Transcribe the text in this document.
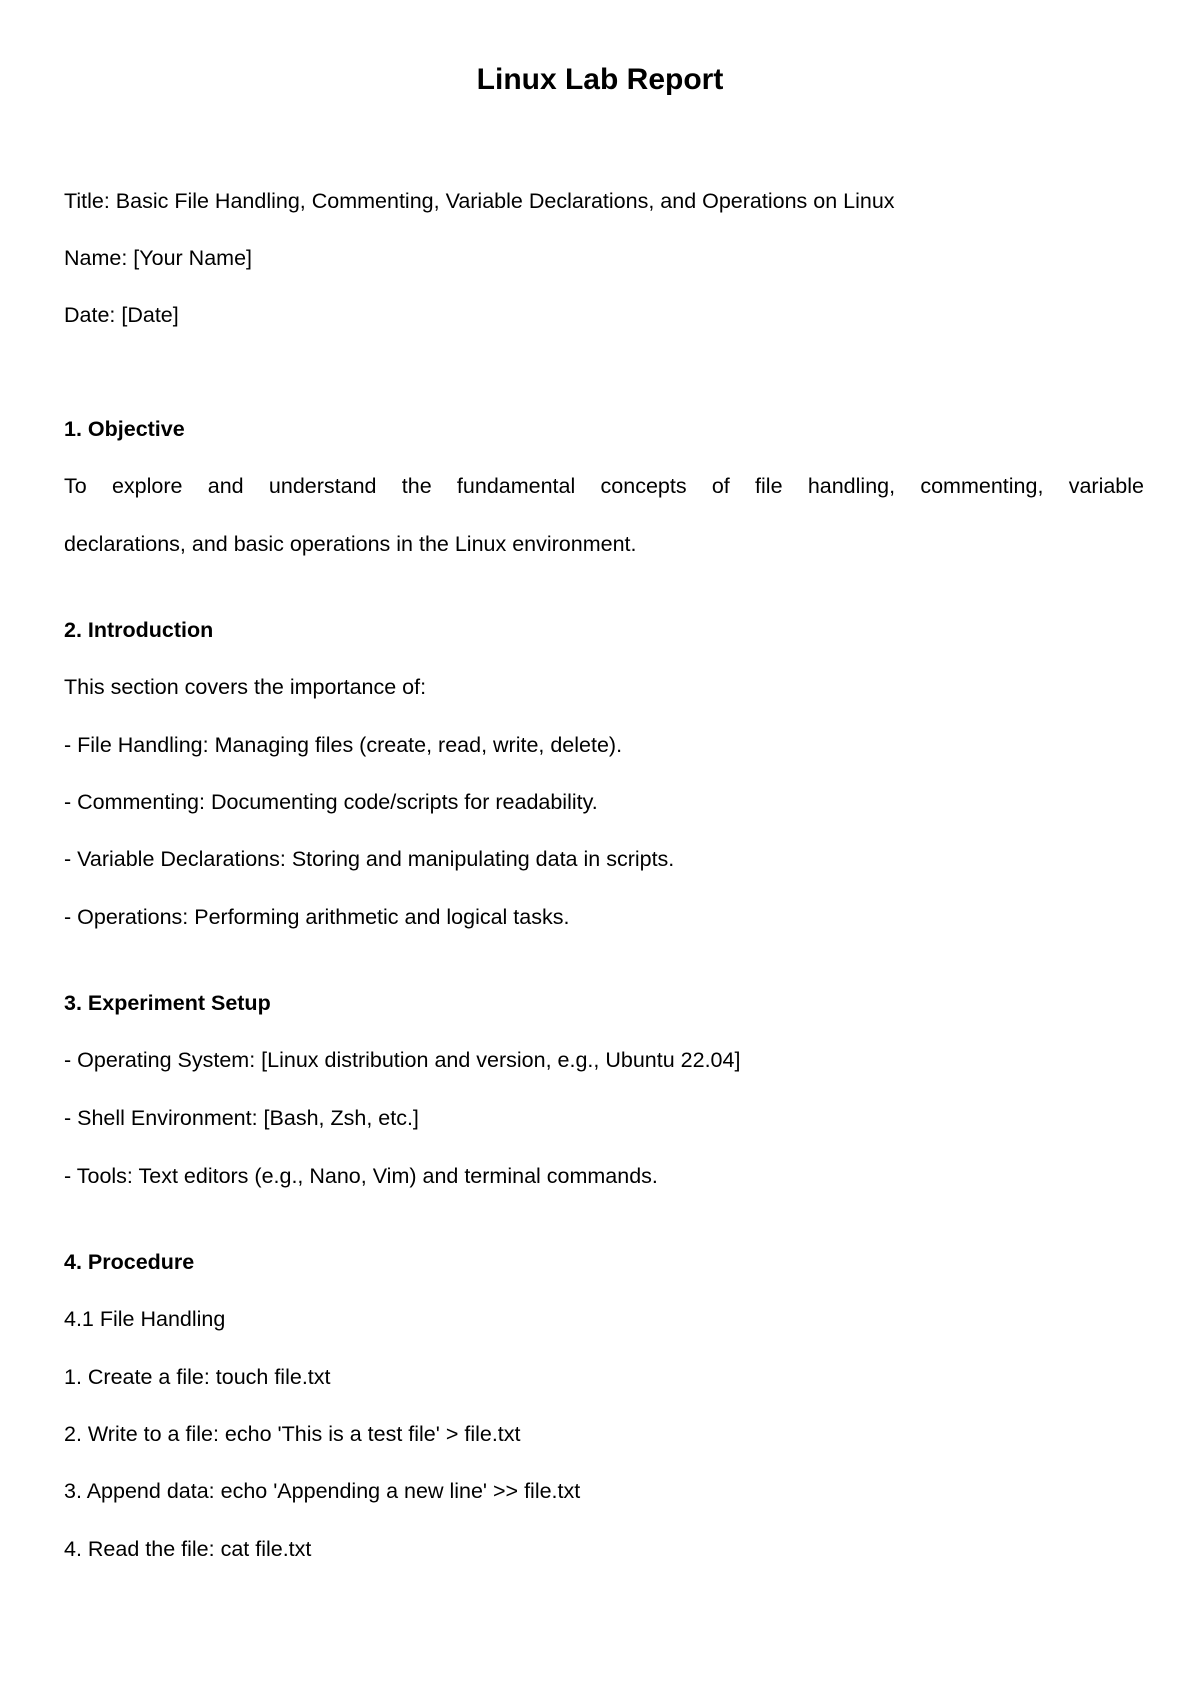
Linux Lab Report

Title: Basic File Handling, Commenting, Variable Declarations, and Operations on Linux

Name: [Your Name]

Date: [Date]

1. Objective

To explore and understand the fundamental concepts of file handling, commenting, variable

declarations, and basic operations in the Linux environment.

2. Introduction

This section covers the importance of:

- File Handling: Managing files (create, read, write, delete).

- Commenting: Documenting code/scripts for readability.

- Variable Declarations: Storing and manipulating data in scripts.

- Operations: Performing arithmetic and logical tasks.

3. Experiment Setup

- Operating System: [Linux distribution and version, e.g., Ubuntu 22.04]

- Shell Environment: [Bash, Zsh, etc.]

- Tools: Text editors (e.g., Nano, Vim) and terminal commands.

4. Procedure

4.1 File Handling

1. Create a file: touch file.txt

2. Write to a file: echo 'This is a test file' > file.txt

3. Append data: echo 'Appending a new line' >> file.txt

4. Read the file: cat file.txt
